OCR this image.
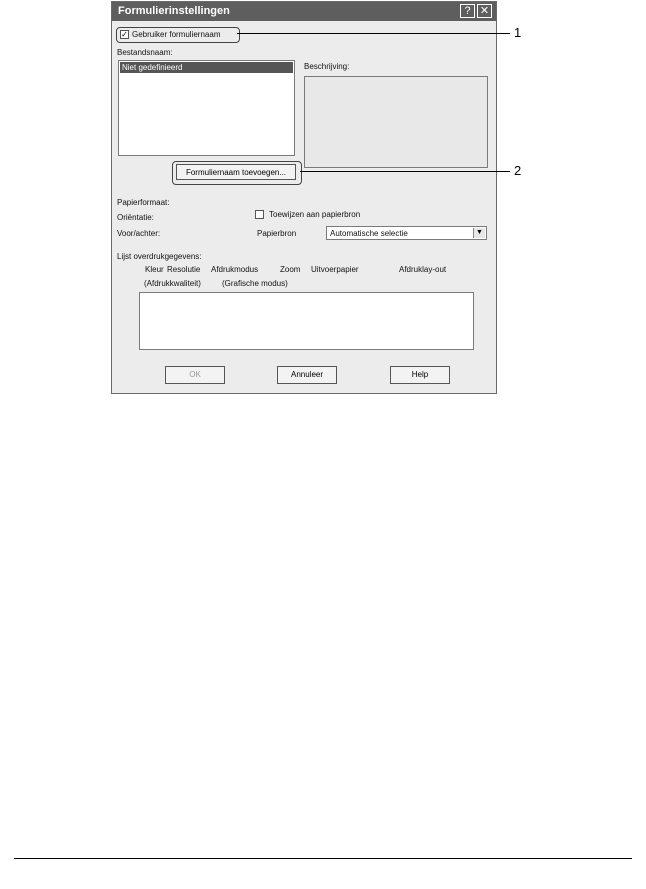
Formulierinstellingen	? ✕
✓ Gebruiker formuliernaam
Bestandsnaam:
Niet gedefinieerd	Beschrijving:
Formuliernaam toevoegen...
Papierformaat:
Oriëntatie:	Toewijzen aan papierbron
Voor/achter:	Papierbron	Automatische selectie	▼
Lijst overdrukgegevens:
Kleur Resolutie Afdrukmodus	Zoom Uitvoerpapier	Afdruklay-out
(Afdrukkwaliteit)	(Grafische modus)
OK	Annuleer	Help
1
2
